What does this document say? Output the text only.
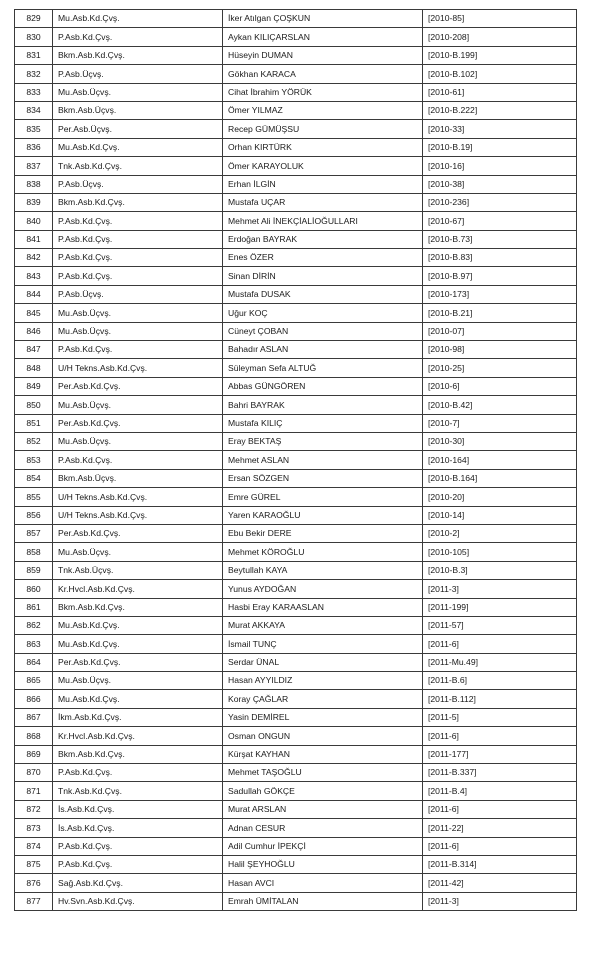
829	Mu.Asb.Kd.Çvş.	İker Atılgan ÇOŞKUN	[2010-85]
830	P.Asb.Kd.Çvş.	Aykan KILIÇARSLAN	[2010-208]
831	Bkm.Asb.Kd.Çvş.	Hüseyin DUMAN	[2010-B.199]
832	P.Asb.Üçvş.	Gökhan KARACA	[2010-B.102]
833	Mu.Asb.Üçvş.	Cihat İbrahim YÖRÜK	[2010-61]
834	Bkm.Asb.Üçvş.	Ömer YILMAZ	[2010-B.222]
835	Per.Asb.Üçvş.	Recep GÜMÜŞSU	[2010-33]
836	Mu.Asb.Kd.Çvş.	Orhan KIRTÜRK	[2010-B.19]
837	Tnk.Asb.Kd.Çvş.	Ömer KARAYOLUK	[2010-16]
838	P.Asb.Üçvş.	Erhan İLGİN	[2010-38]
839	Bkm.Asb.Kd.Çvş.	Mustafa UÇAR	[2010-236]
840	P.Asb.Kd.Çvş.	Mehmet Ali İNEKÇİALİOĞULLARI	[2010-67]
841	P.Asb.Kd.Çvş.	Erdoğan BAYRAK	[2010-B.73]
842	P.Asb.Kd.Çvş.	Enes ÖZER	[2010-B.83]
843	P.Asb.Kd.Çvş.	Sinan DİRİN	[2010-B.97]
844	P.Asb.Üçvş.	Mustafa DUSAK	[2010-173]
845	Mu.Asb.Üçvş.	Uğur KOÇ	[2010-B.21]
846	Mu.Asb.Üçvş.	Cüneyt ÇOBAN	[2010-07]
847	P.Asb.Kd.Çvş.	Bahadır ASLAN	[2010-98]
848	U/H Tekns.Asb.Kd.Çvş.	Süleyman Sefa ALTUĞ	[2010-25]
849	Per.Asb.Kd.Çvş.	Abbas GÜNGÖREN	[2010-6]
850	Mu.Asb.Üçvş.	Bahri BAYRAK	[2010-B.42]
851	Per.Asb.Kd.Çvş.	Mustafa KILIÇ	[2010-7]
852	Mu.Asb.Üçvş.	Eray BEKTAŞ	[2010-30]
853	P.Asb.Kd.Çvş.	Mehmet ASLAN	[2010-164]
854	Bkm.Asb.Üçvş.	Ersan SÖZGEN	[2010-B.164]
855	U/H Tekns.Asb.Kd.Çvş.	Emre GÜREL	[2010-20]
856	U/H Tekns.Asb.Kd.Çvş.	Yaren KARAOĞLU	[2010-14]
857	Per.Asb.Kd.Çvş.	Ebu Bekir DERE	[2010-2]
858	Mu.Asb.Üçvş.	Mehmet KÖROĞLU	[2010-105]
859	Tnk.Asb.Üçvş.	Beytullah KAYA	[2010-B.3]
860	Kr.Hvcl.Asb.Kd.Çvş.	Yunus AYDOĞAN	[2011-3]
861	Bkm.Asb.Kd.Çvş.	Hasbi Eray KARAASLAN	[2011-199]
862	Mu.Asb.Kd.Çvş.	Murat AKKAYA	[2011-57]
863	Mu.Asb.Kd.Çvş.	İsmail TUNÇ	[2011-6]
864	Per.Asb.Kd.Çvş.	Serdar ÜNAL	[2011-Mu.49]
865	Mu.Asb.Üçvş.	Hasan AYYILDIZ	[2011-B.6]
866	Mu.Asb.Kd.Çvş.	Koray ÇAĞLAR	[2011-B.112]
867	İkm.Asb.Kd.Çvş.	Yasin DEMİREL	[2011-5]
868	Kr.Hvcl.Asb.Kd.Çvş.	Osman ONGUN	[2011-6]
869	Bkm.Asb.Kd.Çvş.	Kürşat KAYHAN	[2011-177]
870	P.Asb.Kd.Çvş.	Mehmet TAŞOĞLU	[2011-B.337]
871	Tnk.Asb.Kd.Çvş.	Sadullah GÖKÇE	[2011-B.4]
872	İs.Asb.Kd.Çvş.	Murat ARSLAN	[2011-6]
873	İs.Asb.Kd.Çvş.	Adnan CESUR	[2011-22]
874	P.Asb.Kd.Çvş.	Adil Cumhur İPEKÇİ	[2011-6]
875	P.Asb.Kd.Çvş.	Halil ŞEYHOĞLU	[2011-B.314]
876	Sağ.Asb.Kd.Çvş.	Hasan AVCI	[2011-42]
877	Hv.Svn.Asb.Kd.Çvş.	Emrah ÜMİTALAN	[2011-3]
